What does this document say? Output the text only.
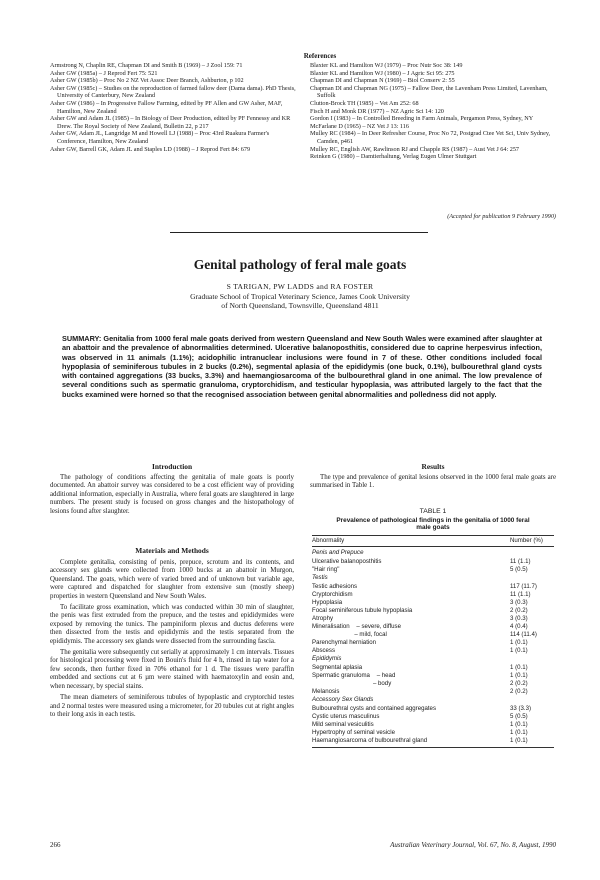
References

Armstrong N, Chaplin RE, Chapman DI and Smith B (1969) – J Zool 159: 71

Asher GW (1985a) – J Reprod Fert 75: 521

Asher GW (1985b) – Proc No 2 NZ Vet Assoc Deer Branch, Ashburton, p 102

Asher GW (1985c) – Studies on the reproduction of farmed fallow deer (Dama dama). PhD Thesis, University of Canterbury, New Zealand

Asher GW (1986) – In Progressive Fallow Farming, edited by PF Allen and GW Asher, MAF, Hamilton, New Zealand

Asher GW and Adam JL (1985) – In Biology of Deer Production, edited by PF Fennessy and KR Drew. The Royal Society of New Zealand, Bulletin 22, p 217

Asher GW, Adam JL, Langridge M and Howell LJ (1988) – Proc 43rd Ruakura Farmer's Conference, Hamilton, New Zealand

Asher GW, Barrell GK, Adam JL and Staples LD (1988) – J Reprod Fert 84: 679

Blaxter KL and Hamilton WJ (1979) – Proc Nutr Soc 38: 149

Blaxter KL and Hamilton WJ (1980) – J Agric Sci 95: 275

Chapman DI and Chapman N (1969) – Biol Conserv 2: 55

Chapman DI and Chapman NG (1975) – Fallow Deer, the Lavenham Press Limited, Lavenham, Suffolk

Clutton-Brock TH (1985) – Vet Am 252: 68

Fisch H and Monk DR (1977) – NZ Agric Sci 14: 120

Gordon I (1983) – In Controlled Breeding in Farm Animals, Pergamon Press, Sydney, NY

McFarlane D (1965) – NZ Vet J 13: 116

Mulley RC (1984) – In Deer Refresher Course, Proc No 72, Postgrad Ctee Vet Sci, Univ Sydney, Camden, p461

Mulley RC, English AW, Rawlinson RJ and Chapple RS (1987) – Aust Vet J 64: 257

Reinken G (1980) – Damtierhaltung, Verlag Eugen Ulmer Stuttgart

(Accepted for publication 9 February 1990)
Genital pathology of feral male goats
S TARIGAN, PW LADDS and RA FOSTER
Graduate School of Tropical Veterinary Science, James Cook University
of North Queensland, Townsville, Queensland 4811
SUMMARY: Genitalia from 1000 feral male goats derived from western Queensland and New South Wales were examined after slaughter at an abattoir and the prevalence of abnormalities determined. Ulcerative balanoposthitis, considered due to caprine herpesvirus infection, was observed in 11 animals (1.1%); acidophilic intranuclear inclusions were found in 7 of these. Other conditions included focal hypoplasia of seminiferous tubules in 2 bucks (0.2%), segmental aplasia of the epididymis (one buck, 0.1%), bulbourethral gland cysts with contained aggregations (33 bucks, 3.3%) and haemangiosarcoma of the bulbourethral gland in one animal. The low prevalence of several conditions such as spermatic granuloma, cryptorchidism, and testicular hypoplasia, was attributed largely to the fact that the bucks examined were horned so that the recognised association between genital abnormalities and polledness did not apply.
Introduction

The pathology of conditions affecting the genitalia of male goats is poorly documented. An abattoir survey was considered to be a cost efficient way of providing additional information, especially in Australia, where feral goats are slaughtered in large numbers. The present study is focused on gross changes and the histopathology of lesions found after slaughter.

Materials and Methods

Complete genitalia, consisting of penis, prepuce, scrotum and its contents, and accessory sex glands were collected from 1000 bucks at an abattoir in Murgon, Queensland. The goats, which were of varied breed and of unknown but variable age, were captured and dispatched for slaughter from extensive sun (mostly sheep) properties in western Queensland and New South Wales.

To facilitate gross examination, which was conducted within 30 min of slaughter, the penis was first extruded from the prepuce, and the testes and epididymides were exposed by removing the tunics. The pampiniform plexus and ductus deferens were then dissected from the testis and epididymis and the testis separated from the epididymis. The accessory sex glands were dissected from the surrounding fascia.

The genitalia were subsequently cut serially at approximately 1 cm intervals. Tissues for histological processing were fixed in Bouin's fluid for 4 h, rinsed in tap water for a few seconds, then further fixed in 70% ethanol for 1 d. The tissues were paraffin embedded and sections cut at 6 µm were stained with haematoxylin and eosin and, when necessary, by special stains.

The mean diameters of seminiferous tubules of hypoplastic and cryptorchid testes and 2 normal testes were measured using a micrometer, for 20 tubules cut at right angles to their long axis in each testis.

Results

The type and prevalence of genital lesions observed in the 1000 feral male goats are summarised in Table 1.

TABLE 1
Prevalence of pathological findings in the genitalia of 1000 feral
male goats
Abnormality	Number (%)
Penis and Prepuce
Ulcerative balanoposthitis	11 (1.1)
"Hair ring"	5 (0.5)
Testis
Testic adhesions	117 (11.7)
Cryptorchidism	11 (1.1)
Hypoplasia	3 (0.3)
Focal seminiferous tubule hypoplasia	2 (0.2)
Atrophy	3 (0.3)
Mineralisation    – severe, diffuse	4 (0.4)
– mild, focal	114 (11.4)
Parenchymal herniation	1 (0.1)
Abscess	1 (0.1)
Epididymis
Segmental aplasia	1 (0.1)
Spermatic granuloma    – head	1 (0.1)
– body	2 (0.2)
Melanosis	2 (0.2)
Accessory Sex Glands
Bulbourethral cysts and contained aggregates	33 (3.3)
Cystic uterus masculinus	5 (0.5)
Mild seminal vesiculitis	1 (0.1)
Hypertrophy of seminal vesicle	1 (0.1)
Haemangiosarcoma of bulbourethral gland	1 (0.1)
266	Australian Veterinary Journal, Vol. 67, No. 8, August, 1990
